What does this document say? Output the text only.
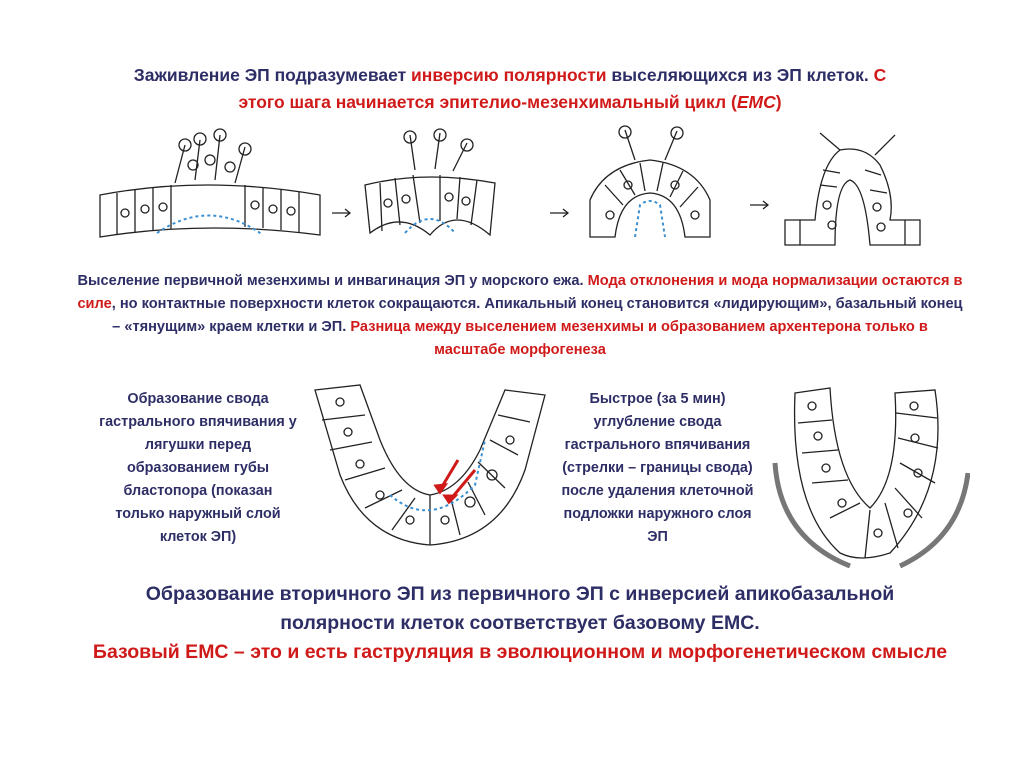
Заживление ЭП подразумевает инверсию полярности выселяющихся из ЭП клеток. С этого шага начинается эпителио-мезенхимальный цикл (ЕМС)
Выселение первичной мезенхимы и инвагинация ЭП у морского ежа. Мода отклонения и мода нормализации остаются в силе, но контактные поверхности клеток сокращаются. Апикальный конец становится «лидирующим», базальный конец – «тянущим» краем клетки и ЭП. Разница между выселением мезенхимы и образованием архентерона только в масштабе морфогенеза
Образование свода гастрального впячивания у лягушки перед образованием губы бластопора (показан только наружный слой клеток ЭП)
Быстрое (за 5 мин) углубление свода гастрального впячивания (стрелки – границы свода) после удаления клеточной подложки наружного слоя ЭП
Образование вторичного ЭП из первичного ЭП с инверсией апикобазальной полярности клеток соответствует базовому ЕМС.
Базовый ЕМС – это и есть гаструляция в эволюционном и морфогенетическом смысле
